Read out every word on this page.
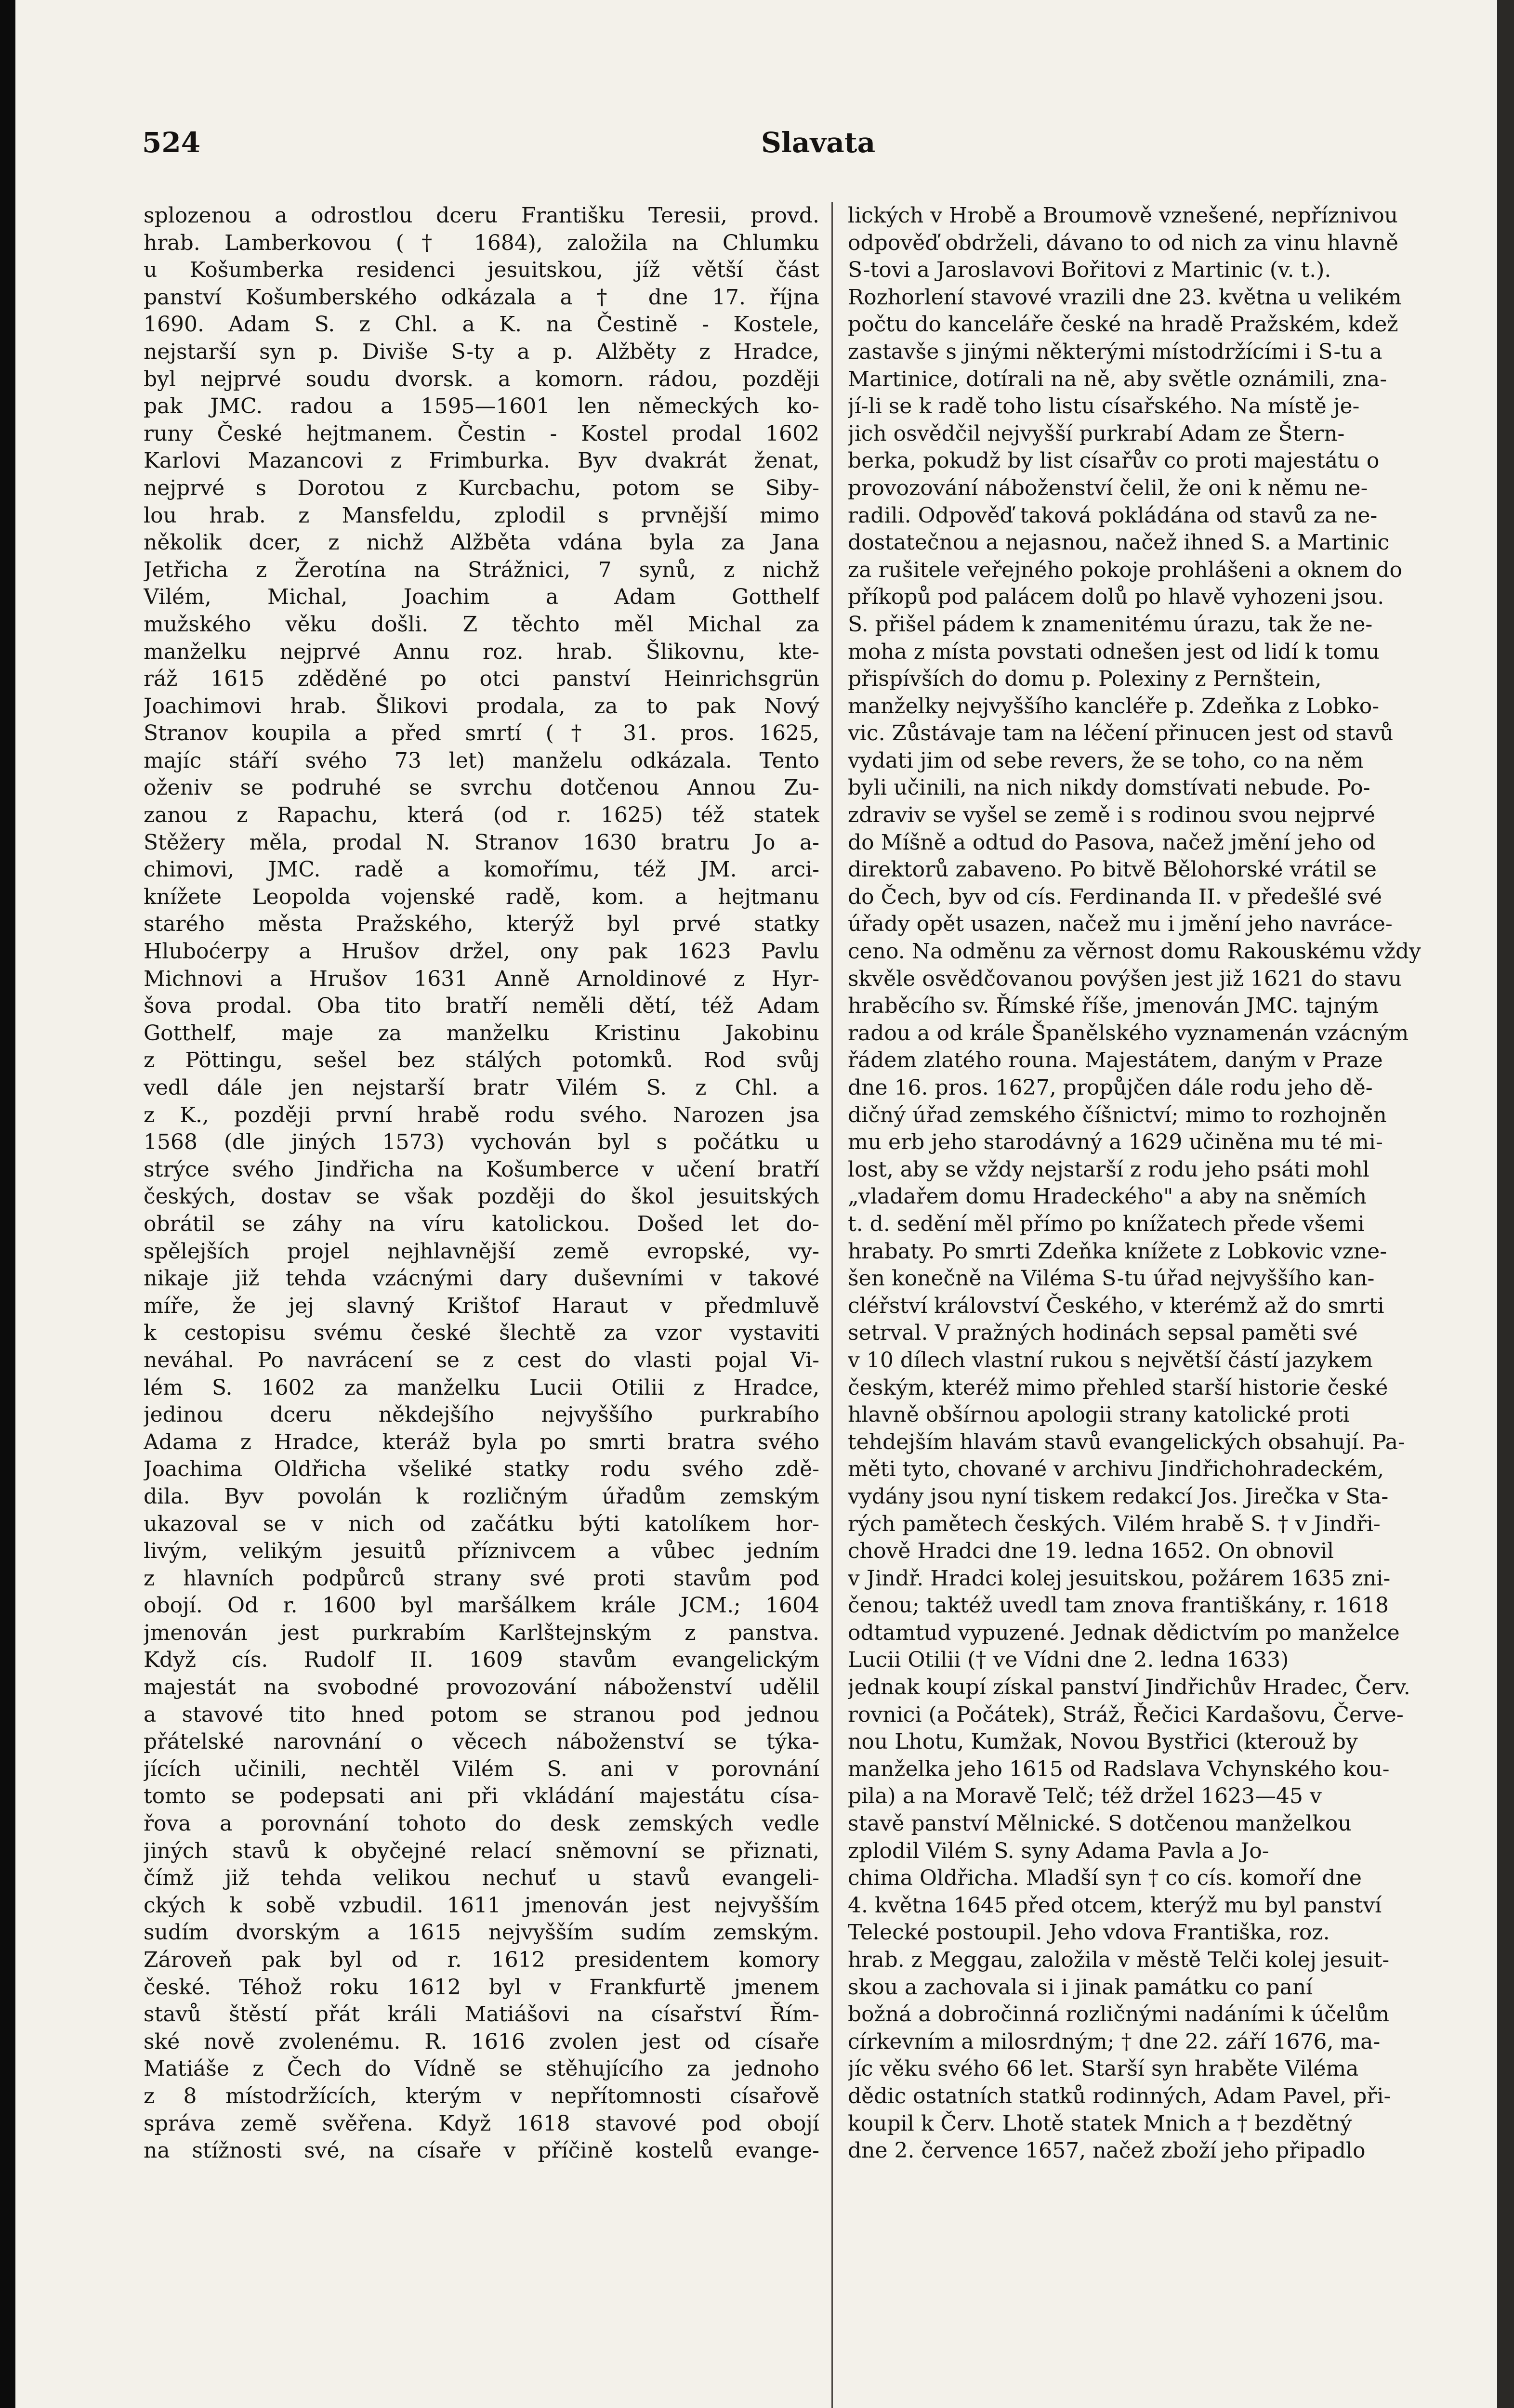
524	Slavata
splozenou a odrostlou dceru Františku Teresii, provd.
hrab. Lamberkovou († 1684), založila na Chlumku
u Košumberka residenci jesuitskou, jíž větší část
panství Košumberského odkázala a † dne 17. října
1690. Adam S. z Chl. a K. na Čestině - Kostele,
nejstarší syn p. Diviše S-ty a p. Alžběty z Hradce,
byl nejprvé soudu dvorsk. a komorn. rádou, později
pak JMC. radou a 1595—1601 len německých ko-
runy České hejtmanem. Čestin - Kostel prodal 1602
Karlovi Mazancovi z Frimburka. Byv dvakrát ženat,
nejprvé s Dorotou z Kurcbachu, potom se Siby-
lou hrab. z Mansfeldu, zplodil s prvnější mimo
několik dcer, z nichž Alžběta vdána byla za Jana
Jetřicha z Žerotína na Strážnici, 7 synů, z nichž
Vilém, Michal, Joachim a Adam Gotthelf
mužského věku došli. Z těchto měl Michal za
manželku nejprvé Annu roz. hrab. Šlikovnu, kte-
ráž 1615 zděděné po otci panství Heinrichsgrün
Joachimovi hrab. Šlikovi prodala, za to pak Nový
Stranov koupila a před smrtí († 31. pros. 1625,
majíc stáří svého 73 let) manželu odkázala. Tento
oženiv se podruhé se svrchu dotčenou Annou Zu-
zanou z Rapachu, která (od r. 1625) též statek
Stěžery měla, prodal N. Stranov 1630 bratru Jo a-
chimovi, JMC. radě a komořímu, též JM. arci-
knížete Leopolda vojenské radě, kom. a hejtmanu
starého města Pražského, kterýž byl prvé statky
Hluboćerpy a Hrušov držel, ony pak 1623 Pavlu
Michnovi a Hrušov 1631 Anně Arnoldinové z Hyr-
šova prodal. Oba tito bratří neměli dětí, též Adam
Gotthelf, maje za manželku Kristinu Jakobinu
z Pöttingu, sešel bez stálých potomků. Rod svůj
vedl dále jen nejstarší bratr Vilém S. z Chl. a
z K., později první hrabě rodu svého. Narozen jsa
1568 (dle jiných 1573) vychován byl s počátku u
strýce svého Jindřicha na Košumberce v učení bratří
českých, dostav se však později do škol jesuitských
obrátil se záhy na víru katolickou. Došed let do-
spělejších projel nejhlavnější země evropské, vy-
nikaje již tehda vzácnými dary duševními v takové
míře, že jej slavný Krištof Haraut v předmluvě
k cestopisu svému české šlechtě za vzor vystaviti
neváhal. Po navrácení se z cest do vlasti pojal Vi-
lém S. 1602 za manželku Lucii Otilii z Hradce,
jedinou dceru někdejšího nejvyššího purkrabího
Adama z Hradce, kteráž byla po smrti bratra svého
Joachima Oldřicha všeliké statky rodu svého zdě-
dila. Byv povolán k rozličným úřadům zemským
ukazoval se v nich od začátku býti katolíkem hor-
livým, velikým jesuitů příznivcem a vůbec jedním
z hlavních podpůrců strany své proti stavům pod
obojí. Od r. 1600 byl maršálkem krále JCM.; 1604
jmenován jest purkrabím Karlštejnským z panstva.
Když cís. Rudolf II. 1609 stavům evangelickým
majestát na svobodné provozování náboženství udělil
a stavové tito hned potom se stranou pod jednou
přátelské narovnání o věcech náboženství se týka-
jících učinili, nechtěl Vilém S. ani v porovnání
tomto se podepsati ani při vkládání majestátu císa-
řova a porovnání tohoto do desk zemských vedle
jiných stavů k obyčejné relací sněmovní se přiznati,
čímž již tehda velikou nechuť u stavů evangeli-
ckých k sobě vzbudil. 1611 jmenován jest nejvyšším
sudím dvorským a 1615 nejvyšším sudím zemským.
Zároveň pak byl od r. 1612 presidentem komory
české. Téhož roku 1612 byl v Frankfurtě jmenem
stavů štěstí přát králi Matiášovi na císařství Řím-
ské nově zvolenému. R. 1616 zvolen jest od císaře
Matiáše z Čech do Vídně se stěhujícího za jednoho
z 8 místodržících, kterým v nepřítomnosti císařově
správa země svěřena. Když 1618 stavové pod obojí
na stížnosti své, na císaře v příčině kostelů evange-
lických v Hrobě a Broumově vznešené, nepříznivou
odpověď obdrželi, dávano to od nich za vinu hlavně
S-tovi a Jaroslavovi Bořitovi z Martinic (v. t.).
Rozhorlení stavové vrazili dne 23. května u velikém
počtu do kanceláře české na hradě Pražském, kdež
zastavše s jinými některými místodržícími i S-tu a
Martinice, dotírali na ně, aby světle oznámili, zna-
jí-li se k radě toho listu císařského. Na místě je-
jich osvědčil nejvyšší purkrabí Adam ze Štern-
berka, pokudž by list císařův co proti majestátu o
provozování náboženství čelil, že oni k němu ne-
radili. Odpověď taková pokládána od stavů za ne-
dostatečnou a nejasnou, načež ihned S. a Martinic
za rušitele veřejného pokoje prohlášeni a oknem do
příkopů pod palácem dolů po hlavě vyhozeni jsou.
S. přišel pádem k znamenitému úrazu, tak že ne-
moha z místa povstati odnešen jest od lidí k tomu
přispívších do domu p. Polexiny z Pernštein,
manželky nejvyššího kancléře p. Zdeňka z Lobko-
vic. Zůstávaje tam na léčení přinucen jest od stavů
vydati jim od sebe revers, že se toho, co na něm
byli učinili, na nich nikdy domstívati nebude. Po-
zdraviv se vyšel se země i s rodinou svou nejprvé
do Míšně a odtud do Pasova, načež jmění jeho od
direktorů zabaveno. Po bitvě Bělohorské vrátil se
do Čech, byv od cís. Ferdinanda II. v předešlé své
úřady opět usazen, načež mu i jmění jeho navráce-
ceno. Na odměnu za věrnost domu Rakouskému vždy
skvěle osvědčovanou povýšen jest již 1621 do stavu
hraběcího sv. Římské říše, jmenován JMC. tajným
radou a od krále Španělského vyznamenán vzácným
řádem zlatého rouna. Majestátem, daným v Praze
dne 16. pros. 1627, propůjčen dále rodu jeho dě-
dičný úřad zemského číšnictví; mimo to rozhojněn
mu erb jeho starodávný a 1629 učiněna mu té mi-
lost, aby se vždy nejstarší z rodu jeho psáti mohl
„vladařem domu Hradeckého" a aby na sněmích
t. d. sedění měl přímo po knížatech přede všemi
hrabaty. Po smrti Zdeňka knížete z Lobkovic vzne-
šen konečně na Viléma S-tu úřad nejvyššího kan-
cléřství království Českého, v kterémž až do smrti
setrval. V pražných hodinách sepsal paměti své
v 10 dílech vlastní rukou s největší částí jazykem
českým, kteréž mimo přehled starší historie české
hlavně obšírnou apologii strany katolické proti
tehdejším hlavám stavů evangelických obsahují. Pa-
měti tyto, chované v archivu Jindřichohradeckém,
vydány jsou nyní tiskem redakcí Jos. Jirečka v Sta-
rých pamětech českých. Vilém hrabě S. † v Jindři-
chově Hradci dne 19. ledna 1652. On obnovil
v Jindř. Hradci kolej jesuitskou, požárem 1635 zni-
čenou; taktéž uvedl tam znova františkány, r. 1618
odtamtud vypuzené. Jednak dědictvím po manželce
Lucii Otilii († ve Vídni dne 2. ledna 1633)
jednak koupí získal panství Jindřichův Hradec, Červ.
rovnici (a Počátek), Stráž, Řečici Kardašovu, Červe-
nou Lhotu, Kumžak, Novou Bystřici (kterouž by
manželka jeho 1615 od Radslava Vchynského kou-
pila) a na Moravě Telč; též držel 1623—45 v
stavě panství Mělnické. S dotčenou manželkou
zplodil Vilém S. syny Adama Pavla a Jo-
chima Oldřicha. Mladší syn † co cís. komoří dne
4. května 1645 před otcem, kterýž mu byl panství
Telecké postoupil. Jeho vdova Františka, roz.
hrab. z Meggau, založila v městě Telči kolej jesuit-
skou a zachovala si i jinak památku co paní
božná a dobročinná rozličnými nadáními k účelům
církevním a milosrdným; † dne 22. září 1676, ma-
jíc věku svého 66 let. Starší syn hraběte Viléma
dědic ostatních statků rodinných, Adam Pavel, při-
koupil k Červ. Lhotě statek Mnich a † bezdětný
dne 2. července 1657, načež zboží jeho připadlo
